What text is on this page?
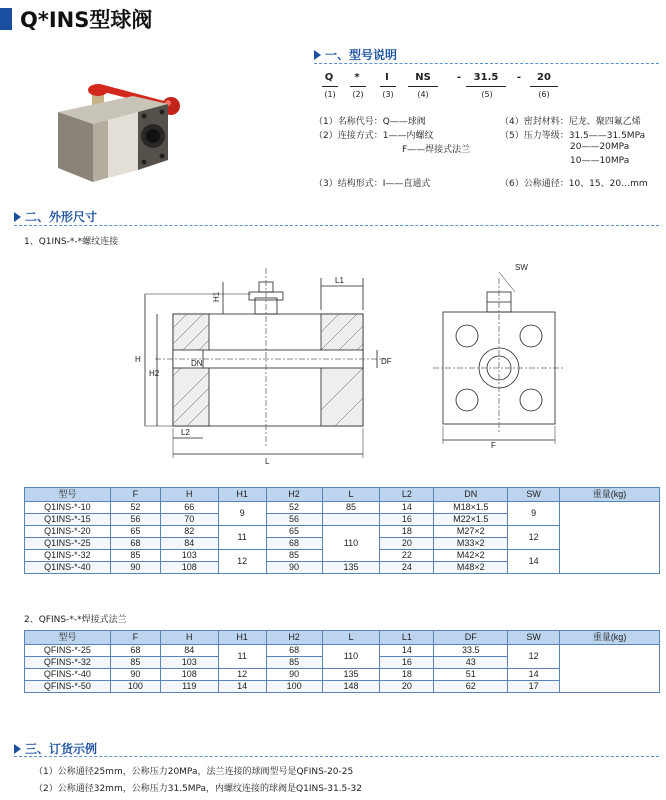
Q*INS型球阀
一、型号说明
Q	*	I	NS	-	31.5	-	20
(1)	(2)	(3)	(4)	(5)	(6)
（1）名称代号：Q——球阀
（2）连接方式：1——内螺纹
F——焊接式法兰
（3）结构形式：I——直通式
（4）密封材料：尼龙、聚四氟乙烯
（5）压力等级：31.5——31.5MPa
20——20MPa
10——10MPa
（6）公称通径：10、15、20…mm
二、外形尺寸
1、Q1INS-*-*螺纹连接
H1
H
H2
DN	DF
L1
L2
L
SW
F
型号	F	H	H1	H2	L	L2	DN	SW	重量(kg)
Q1INS-*-10	52	66	9	52	85	14	M18×1.5	9	
Q1INS-*-15	56	70		56		16	M22×1.5		
Q1INS-*-20	65	82	11	65	110	18	M27×2	12	
Q1INS-*-25	68	84		68		20	M33×2		
Q1INS-*-32	85	103	12	85		22	M42×2	14	
Q1INS-*-40	90	108		90	135	24	M48×2		
2、QFINS-*-*焊接式法兰
型号	F	H	H1	H2	L	L1	DF	SW	重量(kg)
QFINS-*-25	68	84	11	68	110	14	33.5	12	
QFINS-*-32	85	103		85		16	43		
QFINS-*-40	90	108	12	90	135	18	51	14	
QFINS-*-50	100	119	14	100	148	20	62	17	
三、订货示例
（1）公称通径25mm，公称压力20MPa，法兰连接的球阀型号是QFINS-20-25
（2）公称通径32mm，公称压力31.5MPa，内螺纹连接的球阀是Q1INS-31.5-32
